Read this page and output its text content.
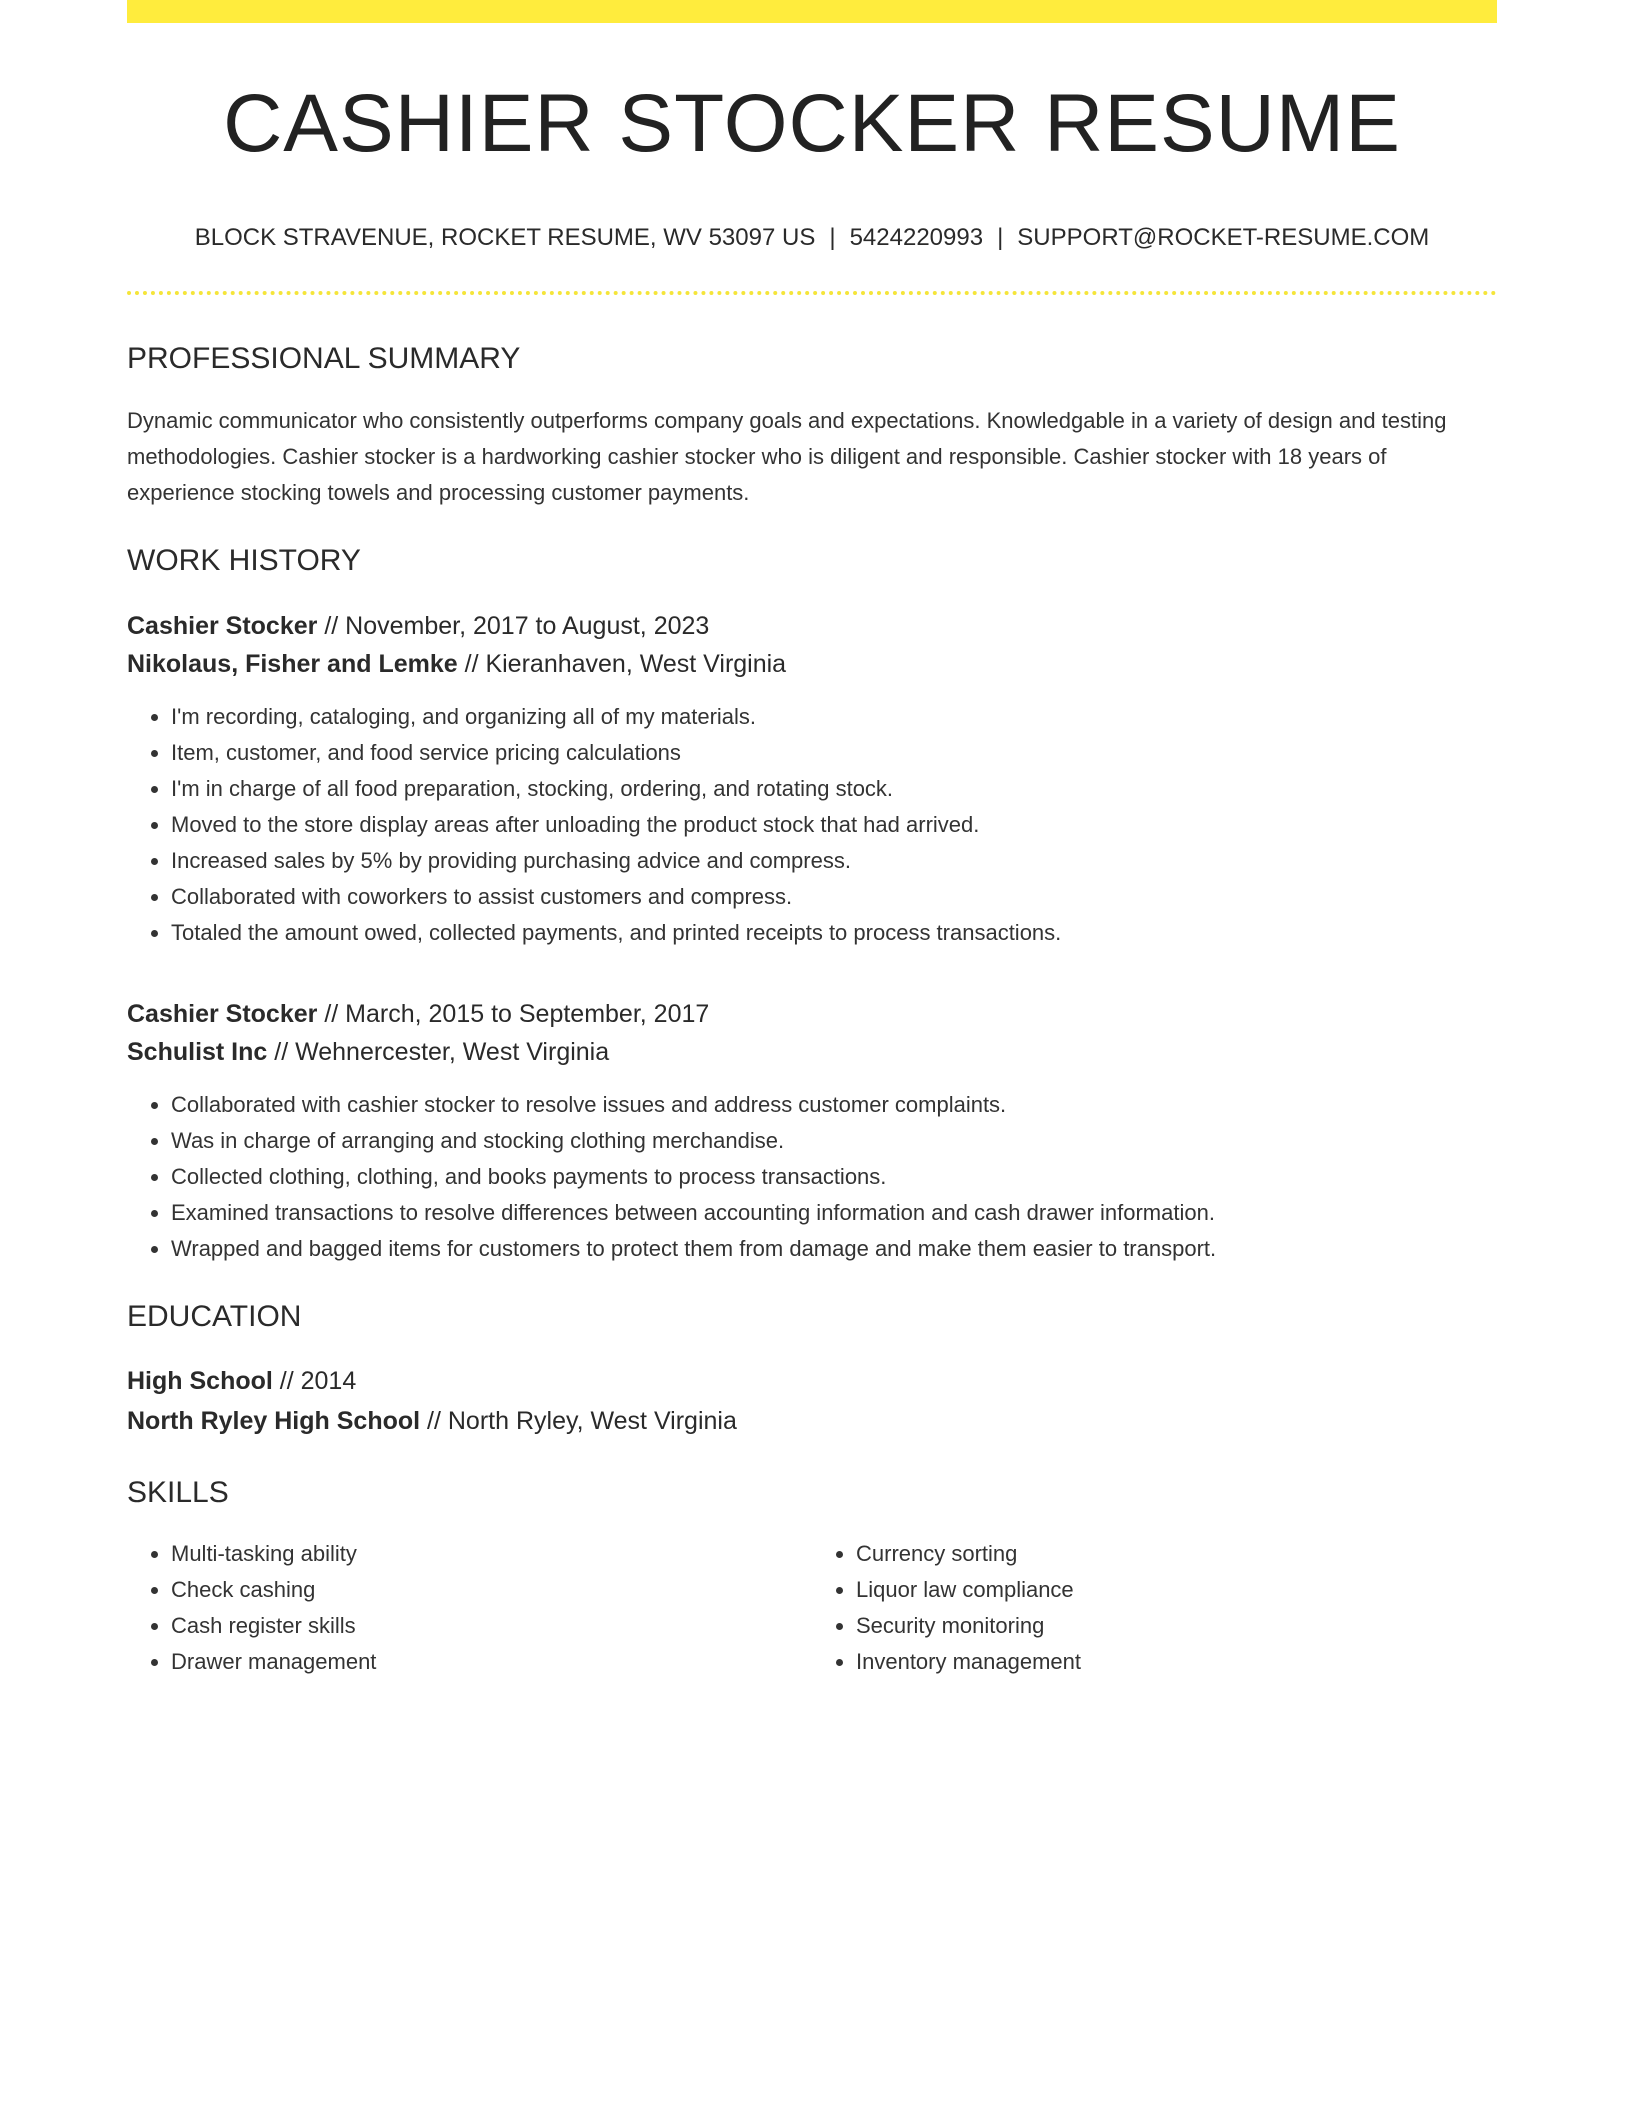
CASHIER STOCKER RESUME
BLOCK STRAVENUE, ROCKET RESUME, WV 53097 US | 5424220993 | SUPPORT@ROCKET-RESUME.COM
PROFESSIONAL SUMMARY
Dynamic communicator who consistently outperforms company goals and expectations. Knowledgable in a variety of design and testing methodologies. Cashier stocker is a hardworking cashier stocker who is diligent and responsible. Cashier stocker with 18 years of experience stocking towels and processing customer payments.
WORK HISTORY
Cashier Stocker // November, 2017 to August, 2023
Nikolaus, Fisher and Lemke // Kieranhaven, West Virginia
• I'm recording, cataloging, and organizing all of my materials.
• Item, customer, and food service pricing calculations
• I'm in charge of all food preparation, stocking, ordering, and rotating stock.
• Moved to the store display areas after unloading the product stock that had arrived.
• Increased sales by 5% by providing purchasing advice and compress.
• Collaborated with coworkers to assist customers and compress.
• Totaled the amount owed, collected payments, and printed receipts to process transactions.
Cashier Stocker // March, 2015 to September, 2017
Schulist Inc // Wehnercester, West Virginia
• Collaborated with cashier stocker to resolve issues and address customer complaints.
• Was in charge of arranging and stocking clothing merchandise.
• Collected clothing, clothing, and books payments to process transactions.
• Examined transactions to resolve differences between accounting information and cash drawer information.
• Wrapped and bagged items for customers to protect them from damage and make them easier to transport.
EDUCATION
High School // 2014
North Ryley High School // North Ryley, West Virginia
SKILLS
• Multi-tasking ability
• Check cashing
• Cash register skills
• Drawer management
• Currency sorting
• Liquor law compliance
• Security monitoring
• Inventory management
